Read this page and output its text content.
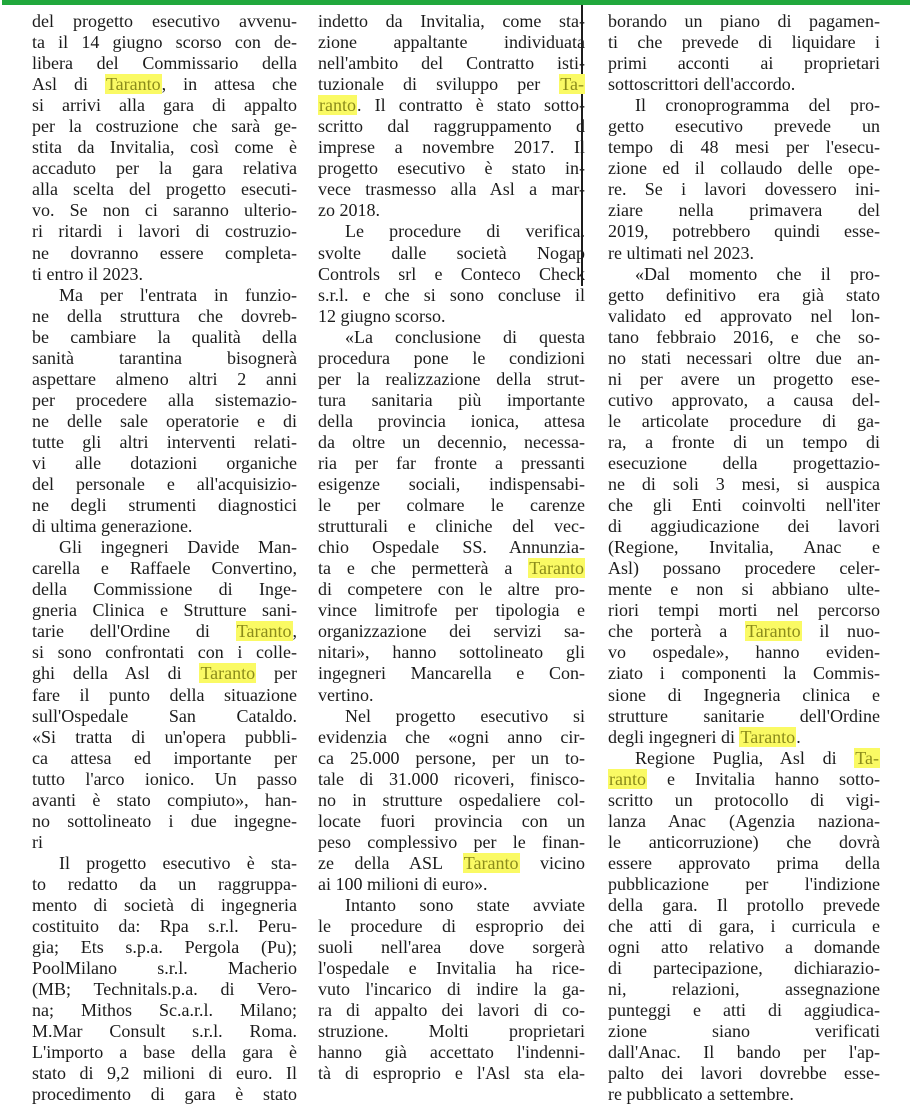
del progetto esecutivo avvenu-
ta il 14 giugno scorso con de-
libera del Commissario della
Asl di Taranto, in attesa che
si arrivi alla gara di appalto
per la costruzione che sarà ge-
stita da Invitalia, così come è
accaduto per la gara relativa
alla scelta del progetto esecuti-
vo. Se non ci saranno ulterio-
ri ritardi i lavori di costruzio-
ne dovranno essere completa-
ti entro il 2023.
Ma per l'entrata in funzio-
ne della struttura che dovreb-
be cambiare la qualità della
sanità tarantina bisognerà
aspettare almeno altri 2 anni
per procedere alla sistemazio-
ne delle sale operatorie e di
tutte gli altri interventi relati-
vi alle dotazioni organiche
del personale e all'acquisizio-
ne degli strumenti diagnostici
di ultima generazione.
Gli ingegneri Davide Man-
carella e Raffaele Convertino,
della Commissione di Inge-
gneria Clinica e Strutture sani-
tarie dell'Ordine di Taranto,
si sono confrontati con i colle-
ghi della Asl di Taranto per
fare il punto della situazione
sull'Ospedale San Cataldo.
«Si tratta di un'opera pubbli-
ca attesa ed importante per
tutto l'arco ionico. Un passo
avanti è stato compiuto», han-
no sottolineato i due ingegne-
ri
Il progetto esecutivo è sta-
to redatto da un raggruppa-
mento di società di ingegneria
costituito da: Rpa s.r.l. Peru-
gia; Ets s.p.a. Pergola (Pu);
PoolMilano s.r.l. Macherio
(MB; Technitals.p.a. di Vero-
na; Mithos Sc.a.r.l. Milano;
M.Mar Consult s.r.l. Roma.
L'importo a base della gara è
stato di 9,2 milioni di euro. Il
procedimento di gara è stato
indetto da Invitalia, come sta-
zione appaltante individuata
nell'ambito del Contratto isti-
tuzionale di sviluppo per Ta-
ranto. Il contratto è stato sotto-
scritto dal raggruppamento d
imprese a novembre 2017. Il
progetto esecutivo è stato in-
vece trasmesso alla Asl a mar-
zo 2018.
Le procedure di verifica.
svolte dalle società Nogap
Controls srl e Conteco Check
s.r.l. e che si sono concluse il
12 giugno scorso.
«La conclusione di questa
procedura pone le condizioni
per la realizzazione della strut-
tura sanitaria più importante
della provincia ionica, attesa
da oltre un decennio, necessa-
ria per far fronte a pressanti
esigenze sociali, indispensabi-
le per colmare le carenze
strutturali e cliniche del vec-
chio Ospedale SS. Annunzia-
ta e che permetterà a Taranto
di competere con le altre pro-
vince limitrofe per tipologia e
organizzazione dei servizi sa-
nitari», hanno sottolineato gli
ingegneri Mancarella e Con-
vertino.
Nel progetto esecutivo si
evidenzia che «ogni anno cir-
ca 25.000 persone, per un to-
tale di 31.000 ricoveri, finisco-
no in strutture ospedaliere col-
locate fuori provincia con un
peso complessivo per le finan-
ze della ASL Taranto vicino
ai 100 milioni di euro».
Intanto sono state avviate
le procedure di esproprio dei
suoli nell'area dove sorgerà
l'ospedale e Invitalia ha rice-
vuto l'incarico di indire la ga-
ra di appalto dei lavori di co-
struzione. Molti proprietari
hanno già accettato l'indenni-
tà di esproprio e l'Asl sta ela-
borando un piano di pagamen-
ti che prevede di liquidare i
primi acconti ai proprietari
sottoscrittori dell'accordo.
Il cronoprogramma del pro-
getto esecutivo prevede un
tempo di 48 mesi per l'esecu-
zione ed il collaudo delle ope-
re. Se i lavori dovessero ini-
ziare nella primavera del
2019, potrebbero quindi esse-
re ultimati nel 2023.
«Dal momento che il pro-
getto definitivo era già stato
validato ed approvato nel lon-
tano febbraio 2016, e che so-
no stati necessari oltre due an-
ni per avere un progetto ese-
cutivo approvato, a causa del-
le articolate procedure di ga-
ra, a fronte di un tempo di
esecuzione della progettazio-
ne di soli 3 mesi, si auspica
che gli Enti coinvolti nell'iter
di aggiudicazione dei lavori
(Regione, Invitalia, Anac e
Asl) possano procedere celer-
mente e non si abbiano ulte-
riori tempi morti nel percorso
che porterà a Taranto il nuo-
vo ospedale», hanno eviden-
ziato i componenti la Commis-
sione di Ingegneria clinica e
strutture sanitarie dell'Ordine
degli ingegneri di Taranto.
Regione Puglia, Asl di Ta-
ranto e Invitalia hanno sotto-
scritto un protocollo di vigi-
lanza Anac (Agenzia naziona-
le anticorruzione) che dovrà
essere approvato prima della
pubblicazione per l'indizione
della gara. Il protollo prevede
che atti di gara, i curricula e
ogni atto relativo a domande
di partecipazione, dichiarazio-
ni, relazioni, assegnazione
punteggi e atti di aggiudica-
zione siano verificati
dall'Anac. Il bando per l'ap-
palto dei lavori dovrebbe esse-
re pubblicato a settembre.
